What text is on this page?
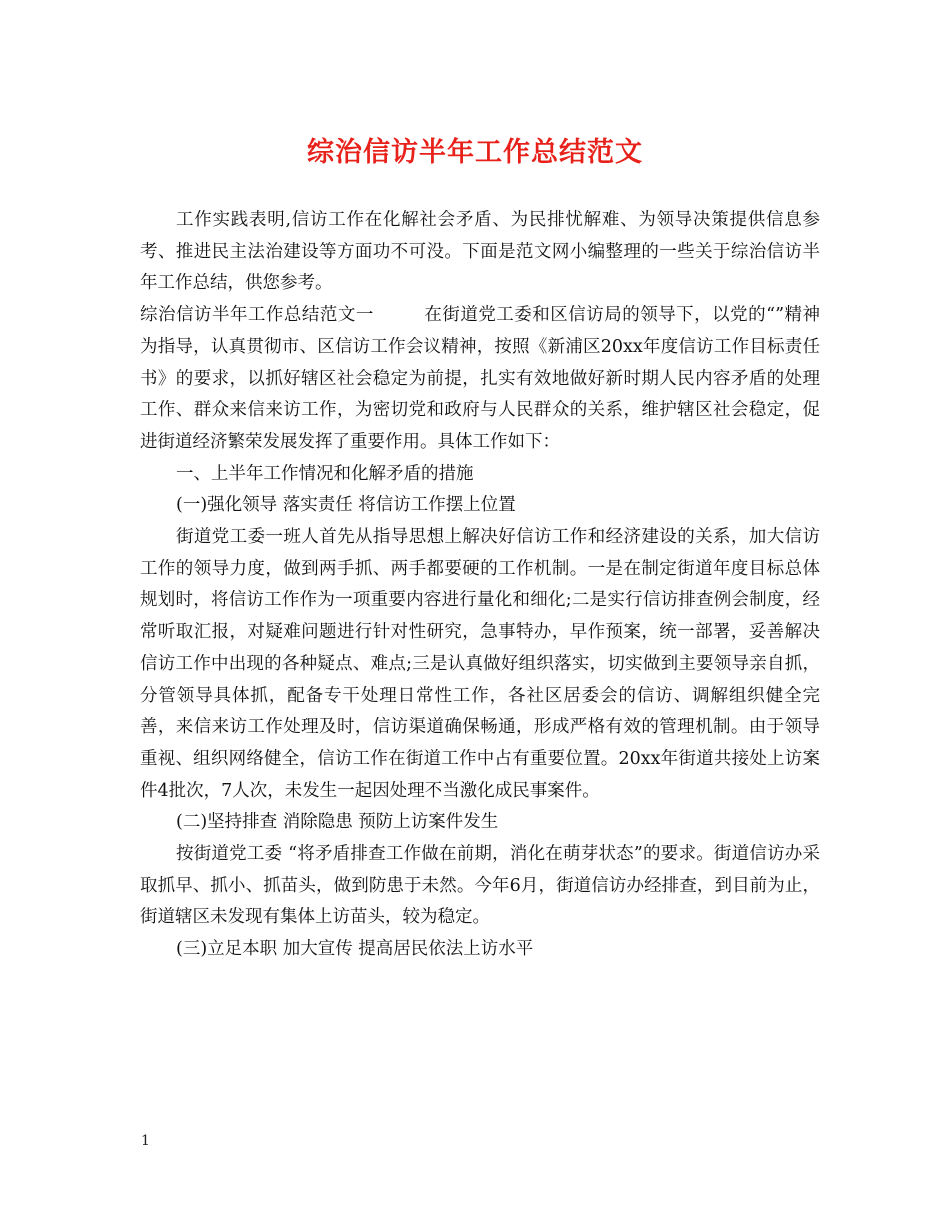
综治信访半年工作总结范文

工作实践表明,信访工作在化解社会矛盾、为民排忧解难、为领导决策提供信息参考、推进民主法治建设等方面功不可没。下面是范文网小编整理的一些关于综治信访半年工作总结，供您参考。

综治信访半年工作总结范文一	在街道党工委和区信访局的领导下，以党的“”精神为指导，认真贯彻市、区信访工作会议精神，按照《新浦区20xx年度信访工作目标责任书》的要求，以抓好辖区社会稳定为前提，扎实有效地做好新时期人民内容矛盾的处理工作、群众来信来访工作，为密切党和政府与人民群众的关系，维护辖区社会稳定，促进街道经济繁荣发展发挥了重要作用。具体工作如下：

一、上半年工作情况和化解矛盾的措施

(一)强化领导 落实责任 将信访工作摆上位置

街道党工委一班人首先从指导思想上解决好信访工作和经济建设的关系，加大信访工作的领导力度，做到两手抓、两手都要硬的工作机制。一是在制定街道年度目标总体规划时，将信访工作作为一项重要内容进行量化和细化;二是实行信访排查例会制度，经常听取汇报，对疑难问题进行针对性研究，急事特办，早作预案，统一部署，妥善解决信访工作中出现的各种疑点、难点;三是认真做好组织落实，切实做到主要领导亲自抓，分管领导具体抓，配备专干处理日常性工作，各社区居委会的信访、调解组织健全完善，来信来访工作处理及时，信访渠道确保畅通，形成严格有效的管理机制。由于领导重视、组织网络健全，信访工作在街道工作中占有重要位置。20xx年街道共接处上访案件4批次，7人次，未发生一起因处理不当激化成民事案件。

(二)坚持排查 消除隐患 预防上访案件发生

按街道党工委 “将矛盾排查工作做在前期，消化在萌芽状态”的要求。街道信访办采取抓早、抓小、抓苗头，做到防患于未然。今年6月，街道信访办经排查，到目前为止，街道辖区未发现有集体上访苗头，较为稳定。

(三)立足本职 加大宣传 提高居民依法上访水平

1
